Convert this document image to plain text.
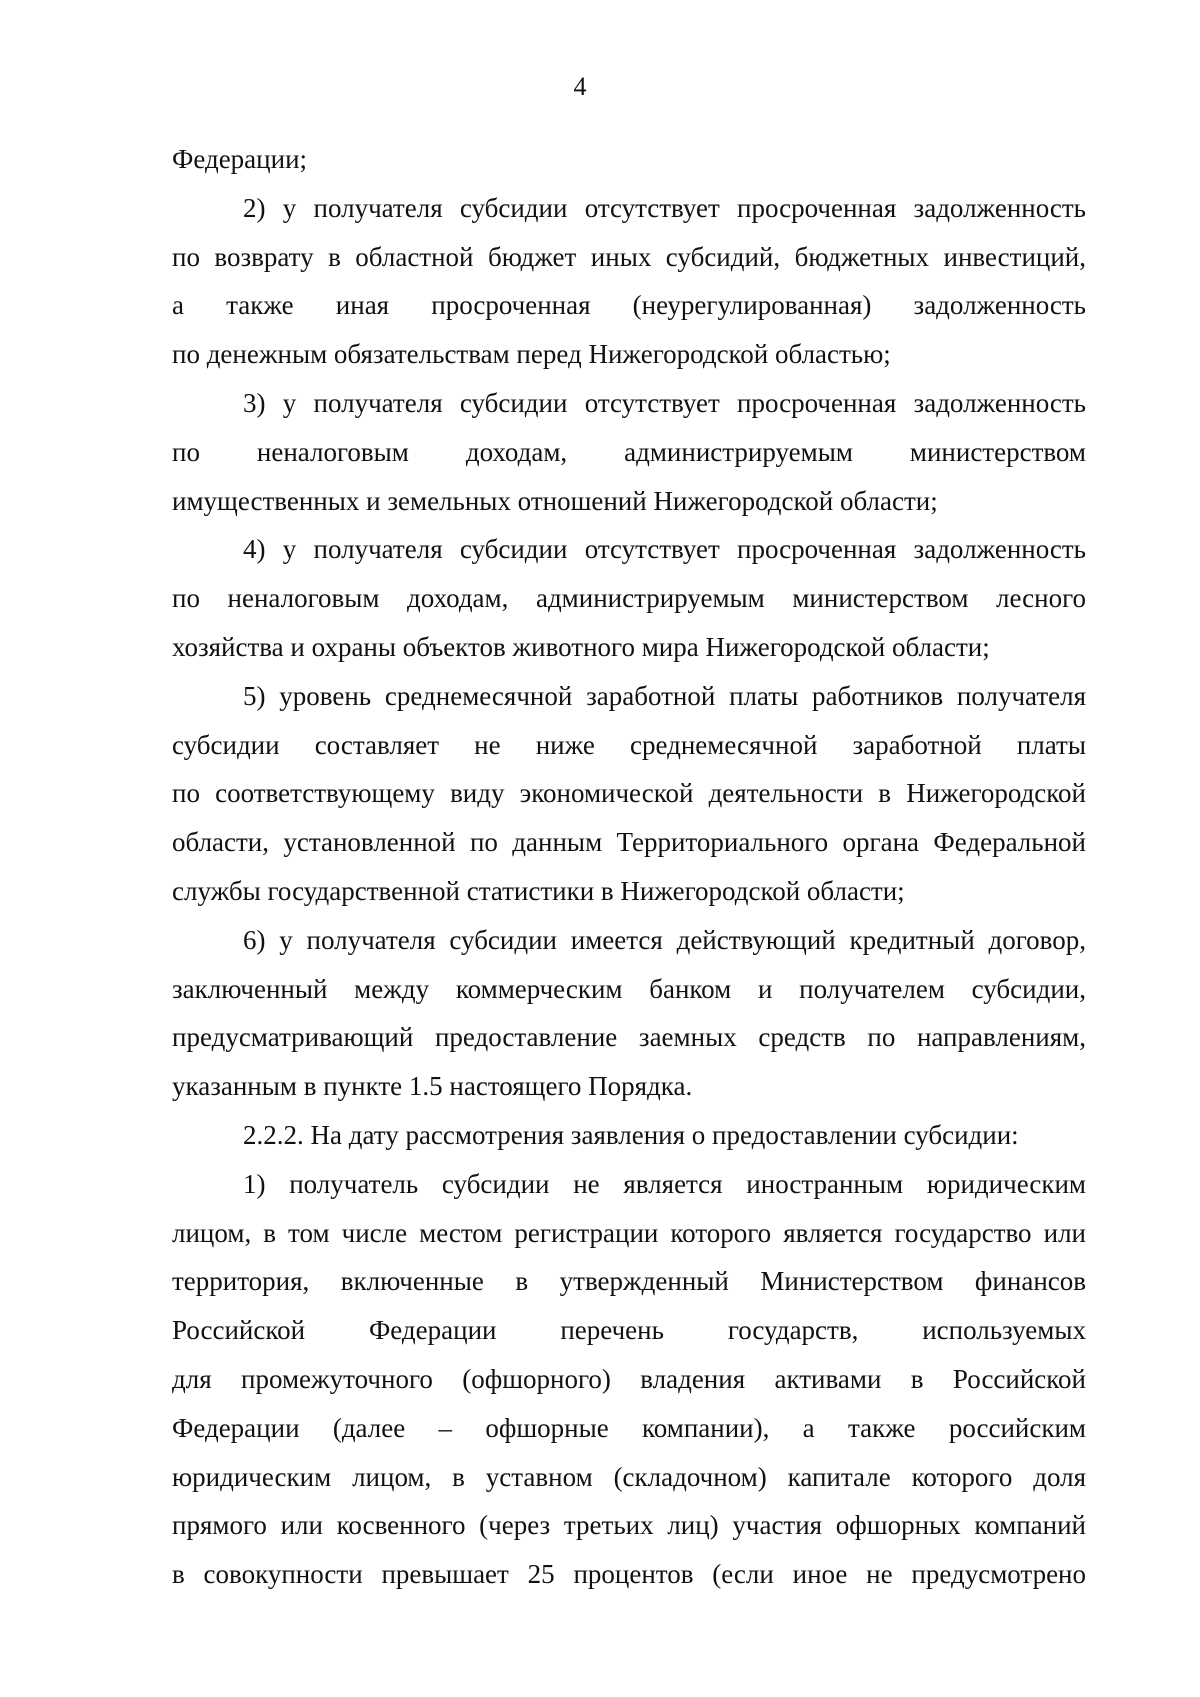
4
Федерации;
2) у получателя субсидии отсутствует просроченная задолженность
по возврату в областной бюджет иных субсидий, бюджетных инвестиций,
а также иная просроченная (неурегулированная) задолженность
по денежным обязательствам перед Нижегородской областью;
3) у получателя субсидии отсутствует просроченная задолженность
по неналоговым доходам, администрируемым министерством
имущественных и земельных отношений Нижегородской области;
4) у получателя субсидии отсутствует просроченная задолженность
по неналоговым доходам, администрируемым министерством лесного
хозяйства и охраны объектов животного мира Нижегородской области;
5) уровень среднемесячной заработной платы работников получателя
субсидии составляет не ниже среднемесячной заработной платы
по соответствующему виду экономической деятельности в Нижегородской
области, установленной по данным Территориального органа Федеральной
службы государственной статистики в Нижегородской области;
6) у получателя субсидии имеется действующий кредитный договор,
заключенный между коммерческим банком и получателем субсидии,
предусматривающий предоставление заемных средств по направлениям,
указанным в пункте 1.5 настоящего Порядка.
2.2.2. На дату рассмотрения заявления о предоставлении субсидии:
1) получатель субсидии не является иностранным юридическим
лицом, в том числе местом регистрации которого является государство или
территория, включенные в утвержденный Министерством финансов
Российской Федерации перечень государств, используемых
для промежуточного (офшорного) владения активами в Российской
Федерации (далее – офшорные компании), а также российским
юридическим лицом, в уставном (складочном) капитале которого доля
прямого или косвенного (через третьих лиц) участия офшорных компаний
в совокупности превышает 25 процентов (если иное не предусмотрено
